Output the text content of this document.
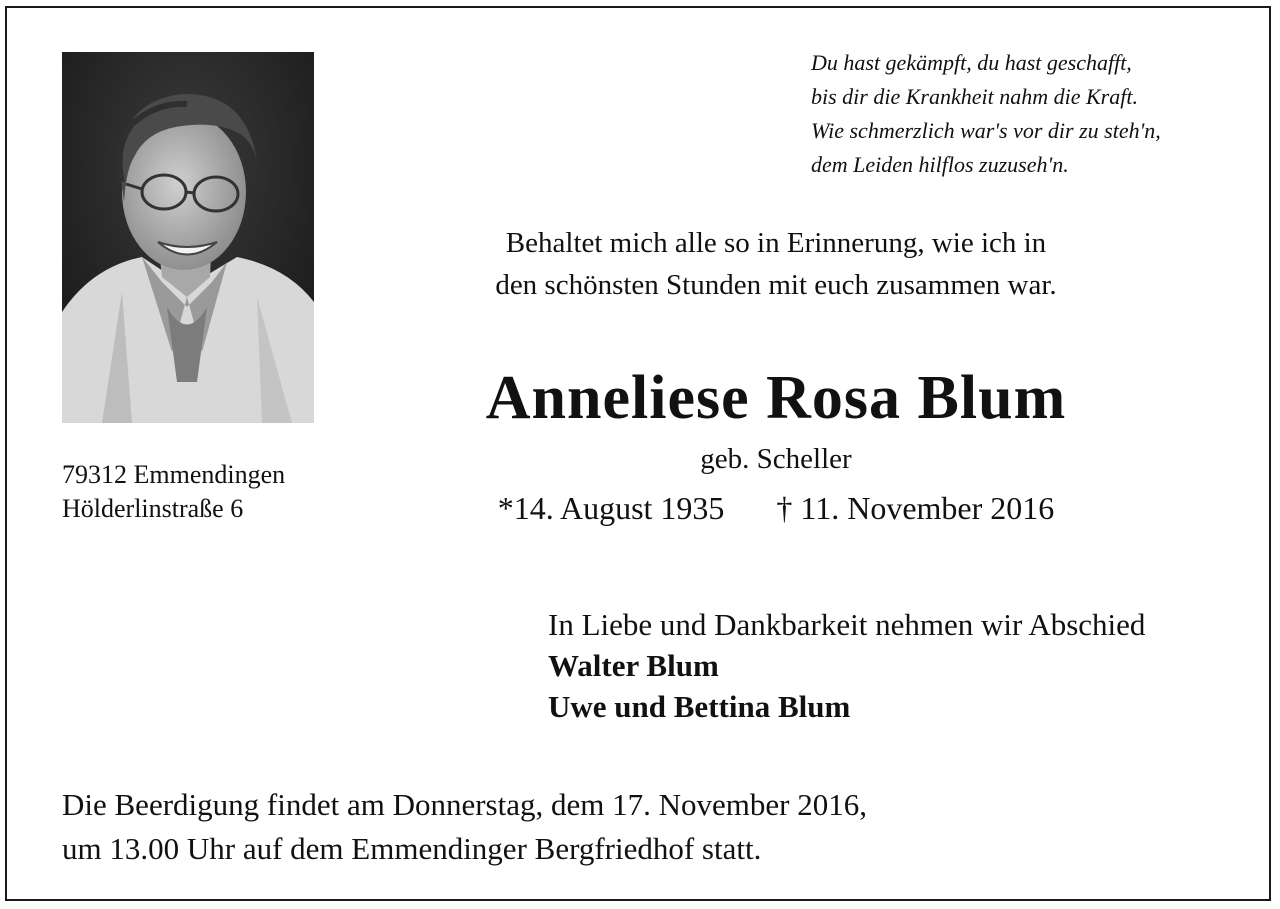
Du hast gekämpft, du hast geschafft,
bis dir die Krankheit nahm die Kraft.
Wie schmerzlich war's vor dir zu steh'n,
dem Leiden hilflos zuzuseh'n.
Behaltet mich alle so in Erinnerung, wie ich in
den schönsten Stunden mit euch zusammen war.
Anneliese Rosa Blum
geb. Scheller
*14. August 1935 † 11. November 2016
79312 Emmendingen
Hölderlinstraße 6
In Liebe und Dankbarkeit nehmen wir Abschied
Walter Blum
Uwe und Bettina Blum
Die Beerdigung findet am Donnerstag, dem 17. November 2016,
um 13.00 Uhr auf dem Emmendinger Bergfriedhof statt.
